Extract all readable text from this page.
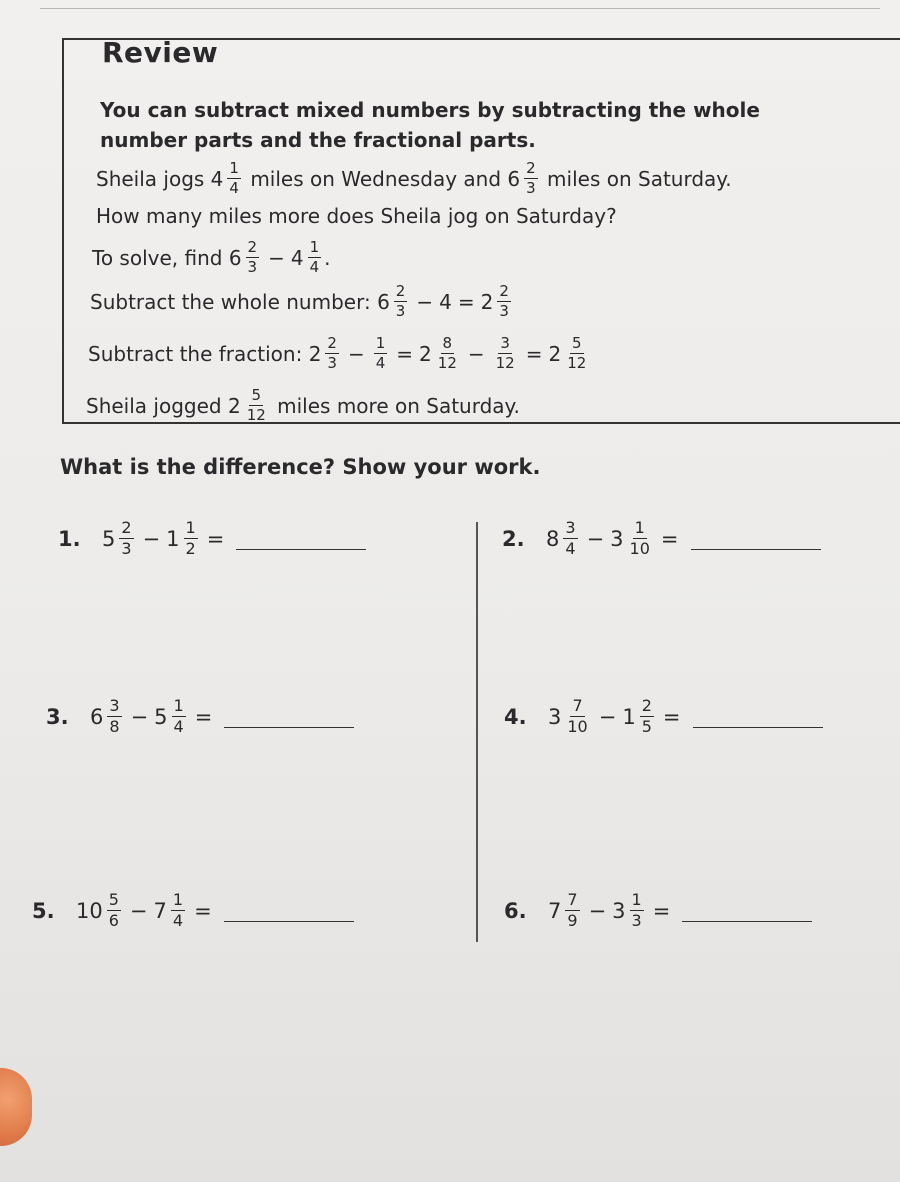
Review
You can subtract mixed numbers by subtracting the whole number parts and the fractional parts.
Sheila jogs
$4 \frac{1}{4}$
miles on Wednesday and
$6 \frac{2}{3}$
miles on Saturday.
How many miles more does Sheila jog on Saturday?
To solve, find
$6 \frac{2}{3} - 4 \frac{1}{4}$ .
Subtract the whole number:
$6 \frac{2}{3} - 4 = 2 \frac{2}{3}$
Subtract the fraction:
$2 \frac{2}{3} - \frac{1}{4} = 2 \frac{8}{12} - \frac{3}{12} = 2 \frac{5}{12}$
Sheila jogged
$2 \frac{5}{12}$
miles more on Saturday.
What is the difference? Show your work.
1.	$5 \frac{2}{3} - 1 \frac{1}{2}$ =	2.	$8 \frac{3}{4} - 3 \frac{1}{10}$ =
3.	$6 \frac{3}{8} - 5 \frac{1}{4}$ =	4.	$3 \frac{7}{10} - 1 \frac{2}{5}$ =
5.	$10 \frac{5}{6} - 7 \frac{1}{4}$ =	6.	$7 \frac{7}{9} - 3 \frac{1}{3}$ =
